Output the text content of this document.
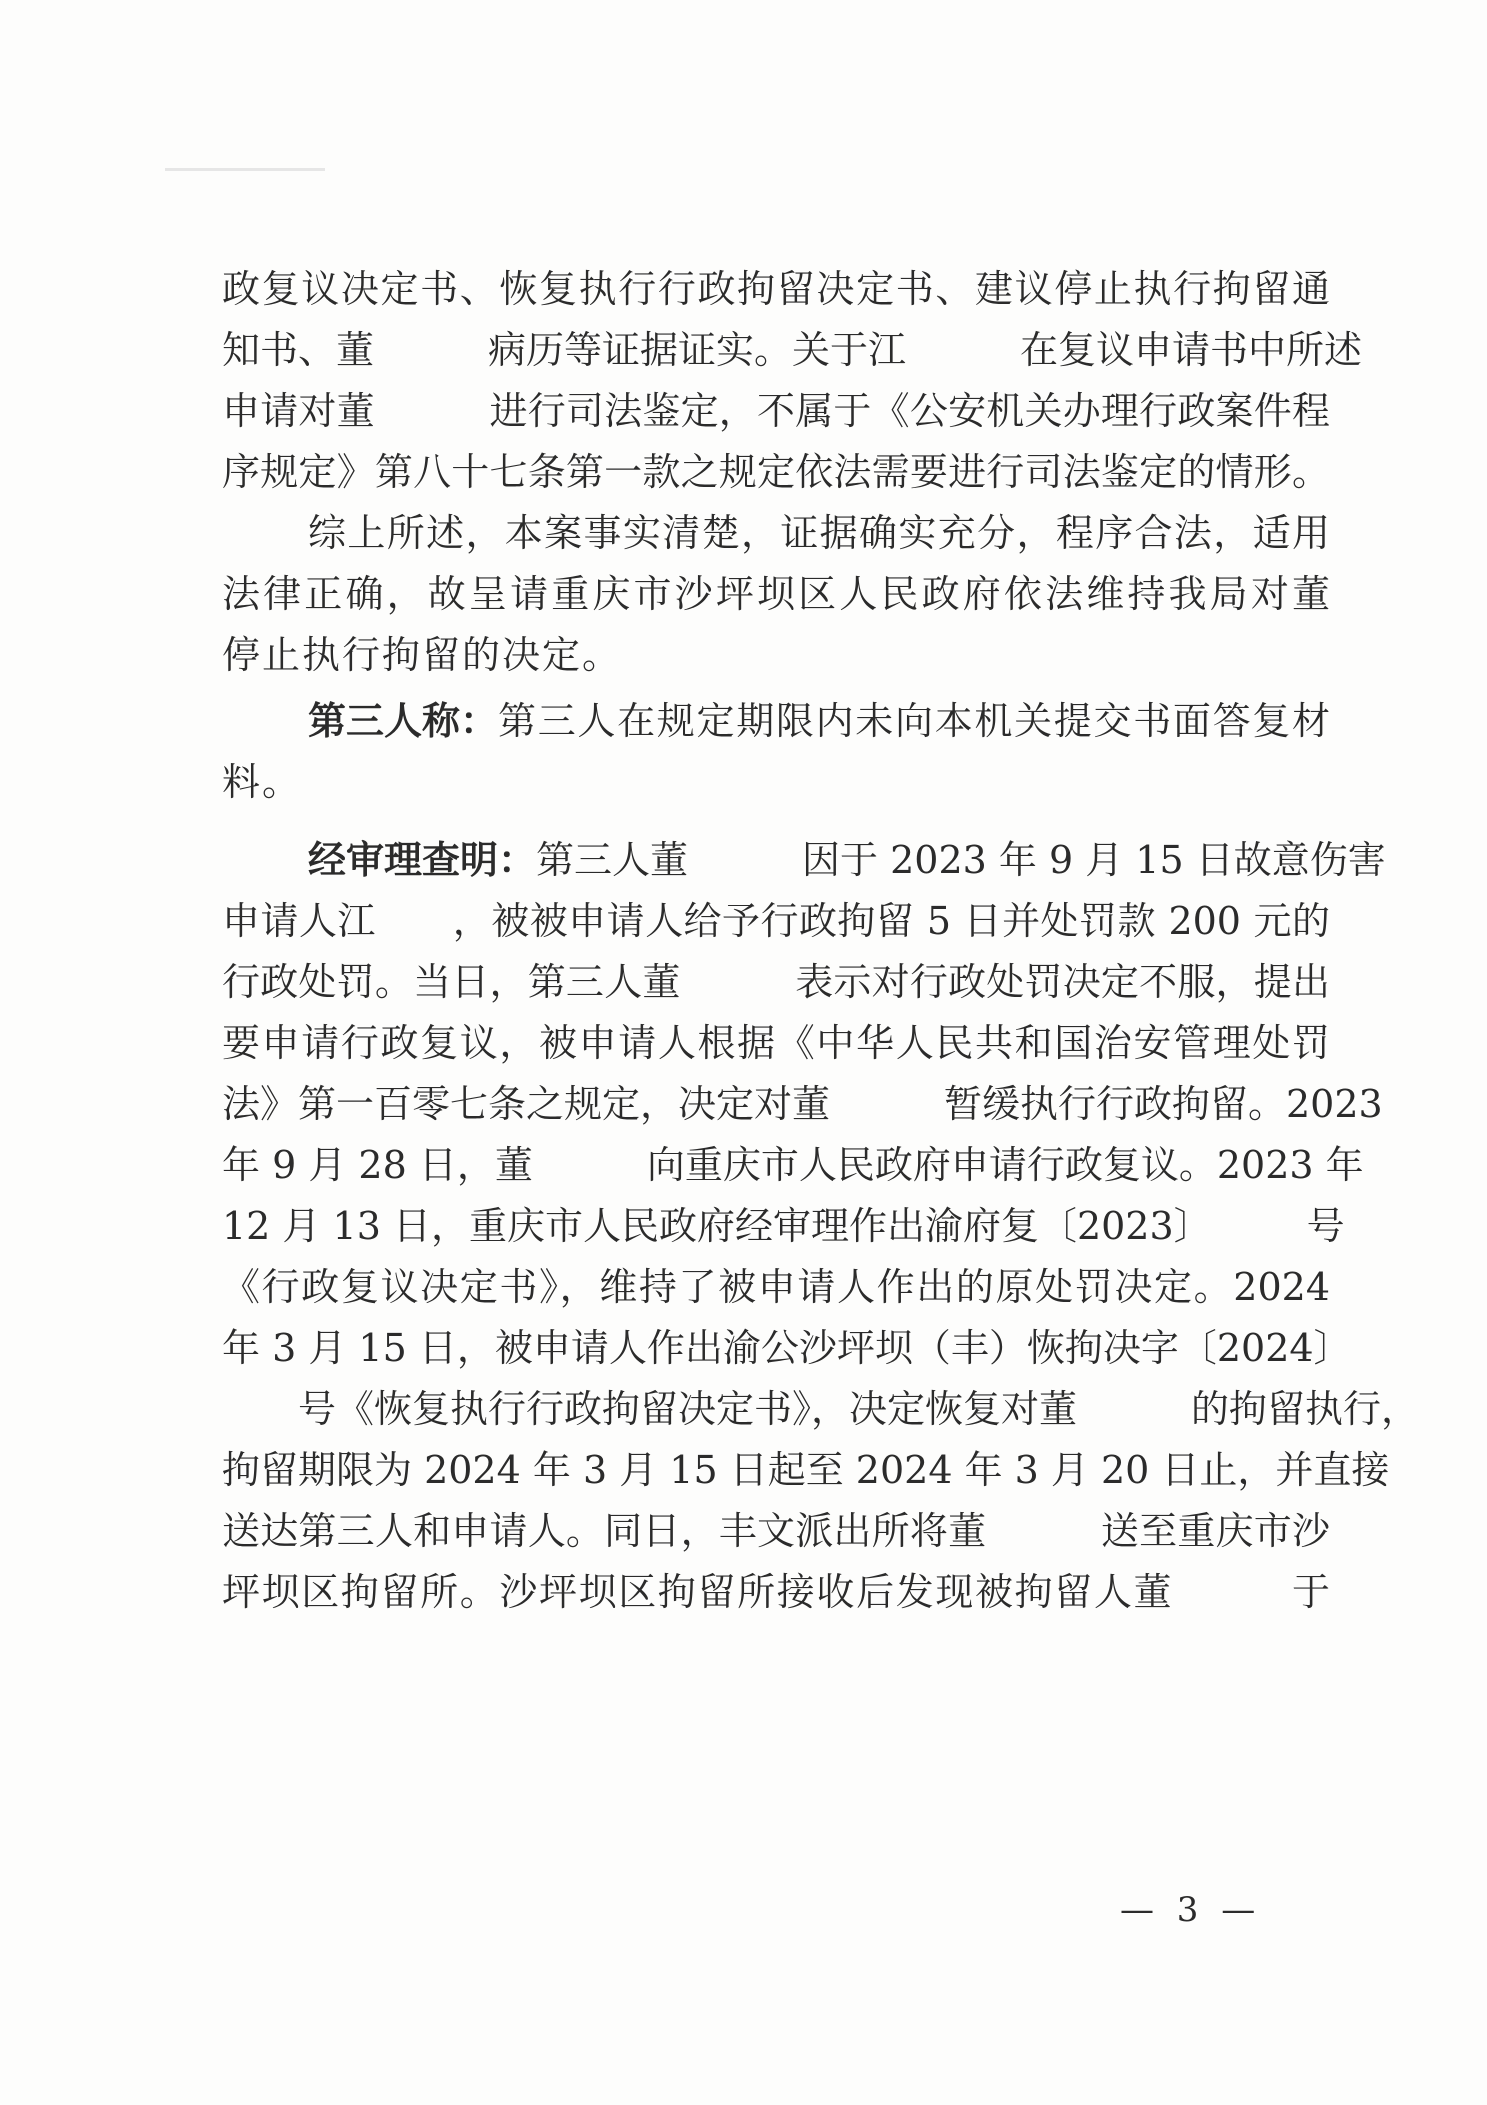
政复议决定书、恢复执行行政拘留决定书、建议停止执行拘留通
知书、董　　　病历等证据证实。关于江　　　在复议申请书中所述
申请对董　　　进行司法鉴定，不属于《公安机关办理行政案件程
序规定》第八十七条第一款之规定依法需要进行司法鉴定的情形。
综上所述，本案事实清楚，证据确实充分，程序合法，适用
法律正确，故呈请重庆市沙坪坝区人民政府依法维持我局对董　　
停止执行拘留的决定。
第三人称： 第三人在规定期限内未向本机关提交书面答复材
料。
经审理查明： 第三人董　　　因于 2023 年 9 月 15 日故意伤害
申请人江　　，被被申请人给予行政拘留 5 日并处罚款 200 元的
行政处罚。当日，第三人董　　　表示对行政处罚决定不服，提出
要申请行政复议，被申请人根据《中华人民共和国治安管理处罚
法》第一百零七条之规定，决定对董　　　暂缓执行行政拘留。2023
年 9 月 28 日，董　　　向重庆市人民政府申请行政复议。2023 年
12 月 13 日，重庆市人民政府经审理作出渝府复〔2023〕　　　号
《行政复议决定书》，维持了被申请人作出的原处罚决定。2024
年 3 月 15 日，被申请人作出渝公沙坪坝（丰）恢拘决字〔2024〕
　　号《恢复执行行政拘留决定书》，决定恢复对董　　　的拘留执行，
拘留期限为 2024 年 3 月 15 日起至 2024 年 3 月 20 日止，并直接
送达第三人和申请人。同日，丰文派出所将董　　　送至重庆市沙
坪坝区拘留所。沙坪坝区拘留所接收后发现被拘留人董　　　于
— 3 —
